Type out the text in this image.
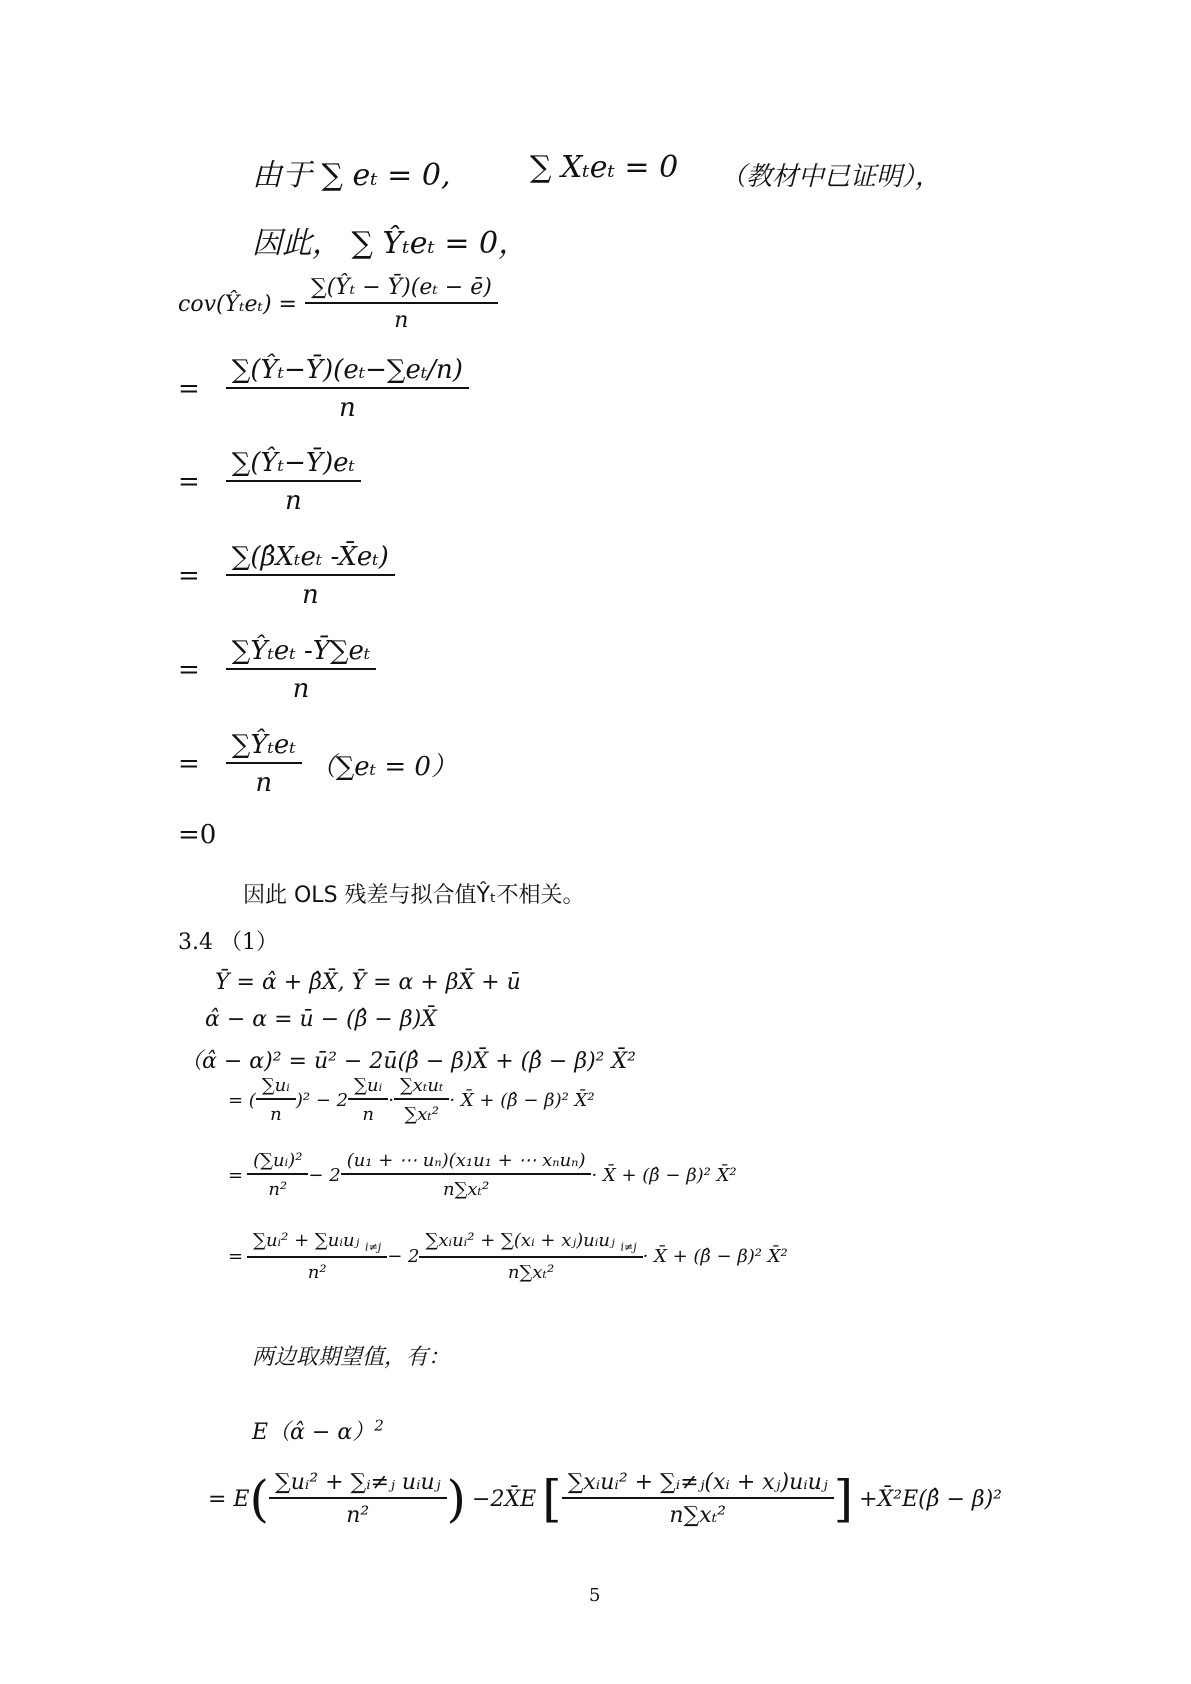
由于 ∑ eₜ = 0,	∑ Xₜeₜ = 0 （教材中已证明），
因此， ∑ Ŷₜeₜ = 0，
cov(Ŷₜeₜ) = $\frac{\text{∑(Ŷₜ − Ȳ)(eₜ − ē)}}{n}$
= $\frac{\text{∑(Ŷₜ−Ȳ)(eₜ−∑eₜ/n)}}{n}$
= $\frac{\text{∑(Ŷₜ−Ȳ)eₜ}}{n}$
= $\frac{\text{∑(β̂Xₜeₜ -X̄eₜ)}}{n}$
= $\frac{\text{∑Ŷₜeₜ -Ȳ∑eₜ}}{n}$
= $\frac{\text{∑Ŷₜeₜ}}{n} (\sum e_t = 0)$
=0
因此 OLS 残差与拟合值Ŷₜ不相关。
3.4 （1）
Ȳ = α̂ + β̂X̄, Ȳ = α + βX̄ + ū
α̂ − α = ū − (β̂ − β)X̄
（α̂ − α)² = ū² − 2ū(β̂ − β)X̄ + (β̂ − β)² X̄²
= ( $\frac{\text{∑uᵢ}}{n} )^2 - 2 \frac{\text{∑uᵢ}}{n} \cdot \frac{\text{∑xₜuₜ}}{\text{∑xₜ²}}$ · X̄ + (β̂ − β)² X̄²
= $\frac{\text{(∑uᵢ)²}}{\text{n²}} - 2 \frac{\text{(u₁ + ⋯ uₙ)(x₁u₁ + ⋯ xₙuₙ)}}{\text{n∑xₜ²}}$ · X̄ + (β̂ − β)² X̄²
= $\frac{\sum uᵢ^2 + \sum uᵢuⱼ _{i\ne j}}{\text{n²}} - 2 \frac{\sum xᵢuᵢ^2 + \sum(xᵢ + xⱼ)uᵢuⱼ _{i\ne j}}{\text{n∑xₜ²}}$ · X̄ + (β̂ − β)² X̄²
两边取期望值，有：
E（α̂ − α）$^2$
= E ( $\frac{\text{∑uᵢ² + ∑ᵢ≠ⱼ uᵢuⱼ}}{\text{n²}}$ ) −2X̄E [ $\frac{\text{∑xᵢuᵢ² + ∑ᵢ≠ⱼ(xᵢ + xⱼ)uᵢuⱼ}}{\text{n∑xₜ²}}$ ] +X̄²E(β̂ − β)²
5
